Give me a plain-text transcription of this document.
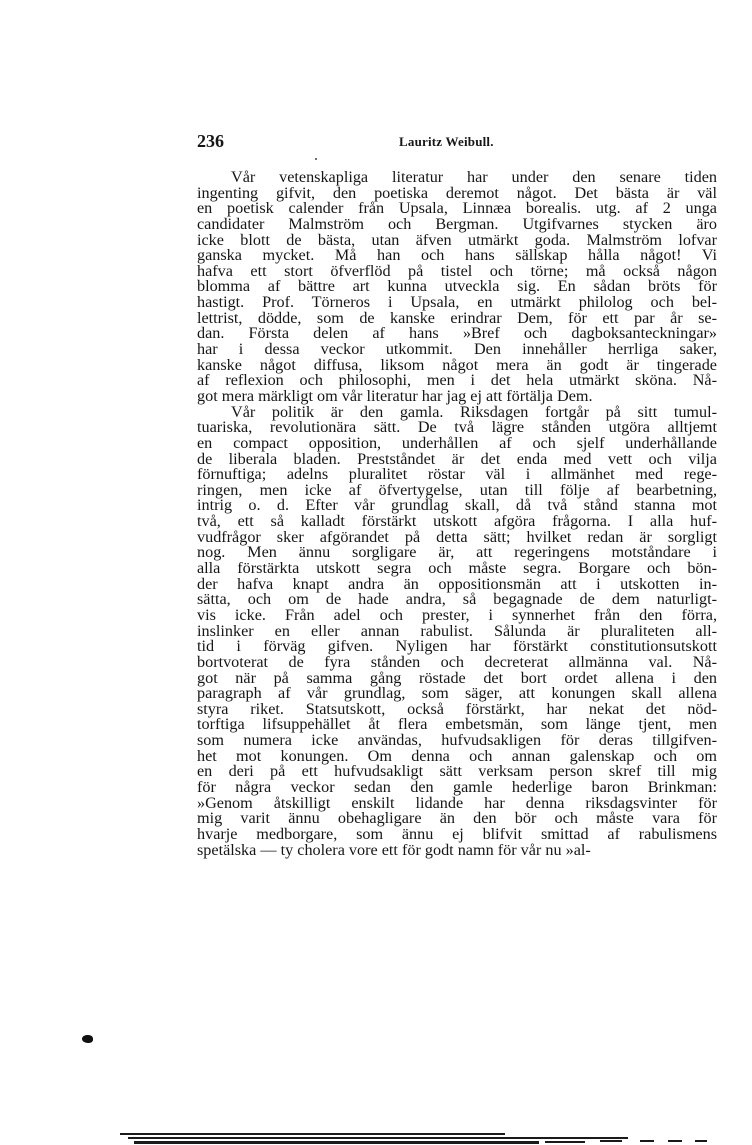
236	Lauritz Weibull.
Vår vetenskapliga literatur har under den senare tiden
ingenting gifvit, den poetiska deremot något. Det bästa är väl
en poetisk calender från Upsala, Linnæa borealis. utg. af 2 unga
candidater Malmström och Bergman. Utgifvarnes stycken äro
icke blott de bästa, utan äfven utmärkt goda. Malmström lofvar
ganska mycket. Må han och hans sällskap hålla något! Vi
hafva ett stort öfverflöd på tistel och törne; må också någon
blomma af bättre art kunna utveckla sig. En sådan bröts för
hastigt. Prof. Törneros i Upsala, en utmärkt philolog och bel-
lettrist, dödde, som de kanske erindrar Dem, för ett par år se-
dan. Första delen af hans »Bref och dagboksanteckningar»
har i dessa veckor utkommit. Den innehåller herrliga saker,
kanske något diffusa, liksom något mera än godt är tingerade
af reflexion och philosophi, men i det hela utmärkt sköna. Nå-
got mera märkligt om vår literatur har jag ej att förtälja Dem.
Vår politik är den gamla. Riksdagen fortgår på sitt tumul-
tuariska, revolutionära sätt. De två lägre stånden utgöra alltjemt
en compact opposition, underhållen af och sjelf underhållande
de liberala bladen. Prestståndet är det enda med vett och vilja
förnuftiga; adelns pluralitet röstar väl i allmänhet med rege-
ringen, men icke af öfvertygelse, utan till följe af bearbetning,
intrig o. d. Efter vår grundlag skall, då två stånd stanna mot
två, ett så kalladt förstärkt utskott afgöra frågorna. I alla huf-
vudfrågor sker afgörandet på detta sätt; hvilket redan är sorgligt
nog. Men ännu sorgligare är, att regeringens motståndare i
alla förstärkta utskott segra och måste segra. Borgare och bön-
der hafva knapt andra än oppositionsmän att i utskotten in-
sätta, och om de hade andra, så begagnade de dem naturligt-
vis icke. Från adel och prester, i synnerhet från den förra,
inslinker en eller annan rabulist. Sålunda är pluraliteten all-
tid i förväg gifven. Nyligen har förstärkt constitutionsutskott
bortvoterat de fyra stånden och decreterat allmänna val. Nå-
got när på samma gång röstade det bort ordet allena i den
paragraph af vår grundlag, som säger, att konungen skall allena
styra riket. Statsutskott, också förstärkt, har nekat det nöd-
torftiga lifsuppehället åt flera embetsmän, som länge tjent, men
som numera icke användas, hufvudsakligen för deras tillgifven-
het mot konungen. Om denna och annan galenskap och om
en deri på ett hufvudsakligt sätt verksam person skref till mig
för några veckor sedan den gamle hederlige baron Brinkman:
»Genom åtskilligt enskilt lidande har denna riksdagsvinter för
mig varit ännu obehagligare än den bör och måste vara för
hvarje medborgare, som ännu ej blifvit smittad af rabulismens
spetälska — ty cholera vore ett för godt namn för vår nu »al-
